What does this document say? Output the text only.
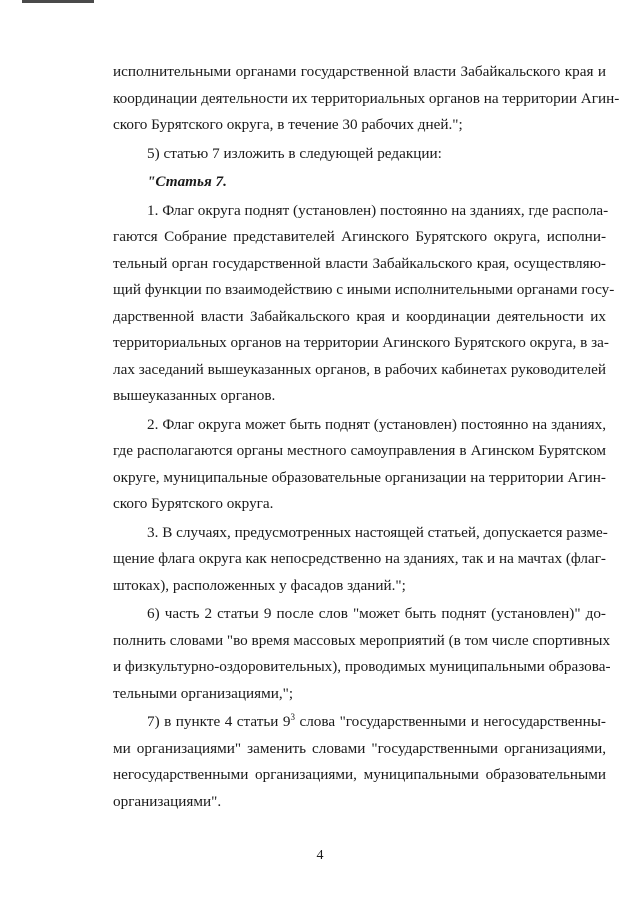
исполнительными органами государственной власти Забайкальского края и
координации деятельности их территориальных органов на территории Агин-
ского Бурятского округа, в течение 30 рабочих дней.";

5) статью 7 изложить в следующей редакции:

"Статья 7.

1. Флаг округа поднят (установлен) постоянно на зданиях, где распола-
гаются Собрание представителей Агинского Бурятского округа, исполни-
тельный орган государственной власти Забайкальского края, осуществляю-
щий функции по взаимодействию с иными исполнительными органами госу-
дарственной власти Забайкальского края и координации деятельности их
территориальных органов на территории Агинского Бурятского округа, в за-
лах заседаний вышеуказанных органов, в рабочих кабинетах руководителей
вышеуказанных органов.

2. Флаг округа может быть поднят (установлен) постоянно на зданиях,
где располагаются органы местного самоуправления в Агинском Бурятском
округе, муниципальные образовательные организации на территории Агин-
ского Бурятского округа.

3. В случаях, предусмотренных настоящей статьей, допускается разме-
щение флага округа как непосредственно на зданиях, так и на мачтах (флаг-
штоках), расположенных у фасадов зданий.";

6) часть 2 статьи 9 после слов "может быть поднят (установлен)" до-
полнить словами "во время массовых мероприятий (в том числе спортивных
и физкультурно-оздоровительных), проводимых муниципальными образова-
тельными организациями,";

7) в пункте 4 статьи $9^3$ слова "государственными и негосударственны-
ми организациями" заменить словами "государственными организациями,
негосударственными организациями, муниципальными образовательными
организациями".

4
